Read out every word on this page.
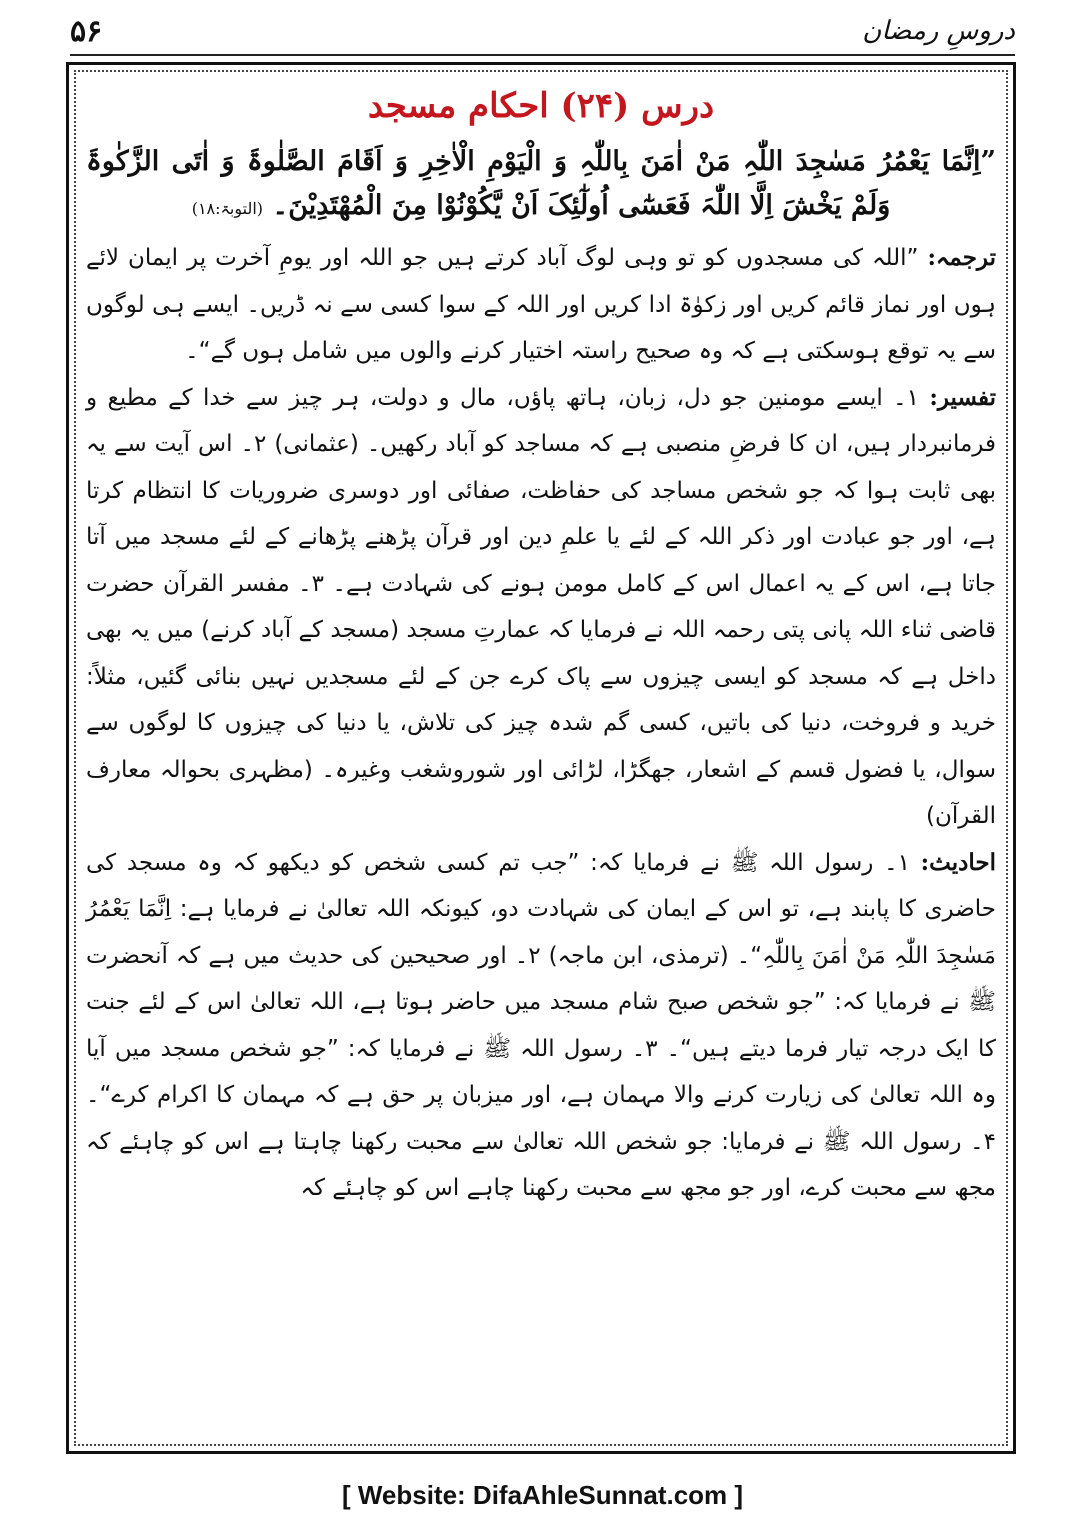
۵۶	دروسِ رمضان
درس (۲۴) احکام مسجد
”اِنَّمَا یَعْمُرُ مَسٰجِدَ اللّٰہِ مَنْ اٰمَنَ بِاللّٰہِ وَ الْیَوْمِ الْاٰخِرِ وَ اَقَامَ الصَّلٰوۃَ وَ اٰتَی الزَّکٰوۃَ وَلَمْ یَخْشَ اِلَّا اللّٰہَ فَعَسٰٓی اُولٰٓئِکَ اَنْ یَّکُوْنُوْا مِنَ الْمُھْتَدِیْنَ۔ (التوبۃ:۱۸)

ترجمہ: ”اللہ کی مسجدوں کو تو وہی لوگ آباد کرتے ہیں جو اللہ اور یومِ آخرت پر ایمان لائے ہوں اور نماز قائم کریں اور زکوٰۃ ادا کریں اور اللہ کے سوا کسی سے نہ ڈریں۔ ایسے ہی لوگوں سے یہ توقع ہوسکتی ہے کہ وہ صحیح راستہ اختیار کرنے والوں میں شامل ہوں گے“۔

تفسیر: ۱۔ ایسے مومنین جو دل، زبان، ہاتھ پاؤں، مال و دولت، ہر چیز سے خدا کے مطیع و فرمانبردار ہیں، ان کا فرضِ منصبی ہے کہ مساجد کو آباد رکھیں۔ (عثمانی) ۲۔ اس آیت سے یہ بھی ثابت ہوا کہ جو شخص مساجد کی حفاظت، صفائی اور دوسری ضروریات کا انتظام کرتا ہے، اور جو عبادت اور ذکر اللہ کے لئے یا علمِ دین اور قرآن پڑھنے پڑھانے کے لئے مسجد میں آتا جاتا ہے، اس کے یہ اعمال اس کے کامل مومن ہونے کی شہادت ہے۔ ۳۔ مفسر القرآن حضرت قاضی ثناء اللہ پانی پتی رحمہ اللہ نے فرمایا کہ عمارتِ مسجد (مسجد کے آباد کرنے) میں یہ بھی داخل ہے کہ مسجد کو ایسی چیزوں سے پاک کرے جن کے لئے مسجدیں نہیں بنائی گئیں، مثلاً: خرید و فروخت، دنیا کی باتیں، کسی گم شدہ چیز کی تلاش، یا دنیا کی چیزوں کا لوگوں سے سوال، یا فضول قسم کے اشعار، جھگڑا، لڑائی اور شوروشغب وغیرہ۔ (مظہری بحوالہ معارف القرآن)

احادیث: ۱۔ رسول اللہ ﷺ نے فرمایا کہ: ”جب تم کسی شخص کو دیکھو کہ وہ مسجد کی حاضری کا پابند ہے، تو اس کے ایمان کی شہادت دو، کیونکہ اللہ تعالیٰ نے فرمایا ہے: اِنَّمَا یَعْمُرُ مَسٰجِدَ اللّٰہِ مَنْ اٰمَنَ بِاللّٰہِ“۔ (ترمذی، ابن ماجہ) ۲۔ اور صحیحین کی حدیث میں ہے کہ آنحضرت ﷺ نے فرمایا کہ: ”جو شخص صبح شام مسجد میں حاضر ہوتا ہے، اللہ تعالیٰ اس کے لئے جنت کا ایک درجہ تیار فرما دیتے ہیں“۔ ۳۔ رسول اللہ ﷺ نے فرمایا کہ: ”جو شخص مسجد میں آیا وہ اللہ تعالیٰ کی زیارت کرنے والا مہمان ہے، اور میزبان پر حق ہے کہ مہمان کا اکرام کرے“۔ ۴۔ رسول اللہ ﷺ نے فرمایا: جو شخص اللہ تعالیٰ سے محبت رکھنا چاہتا ہے اس کو چاہئے کہ مجھ سے محبت کرے، اور جو مجھ سے محبت رکھنا چاہے اس کو چاہئے کہ

[ Website: DifaAhleSunnat.com ]
